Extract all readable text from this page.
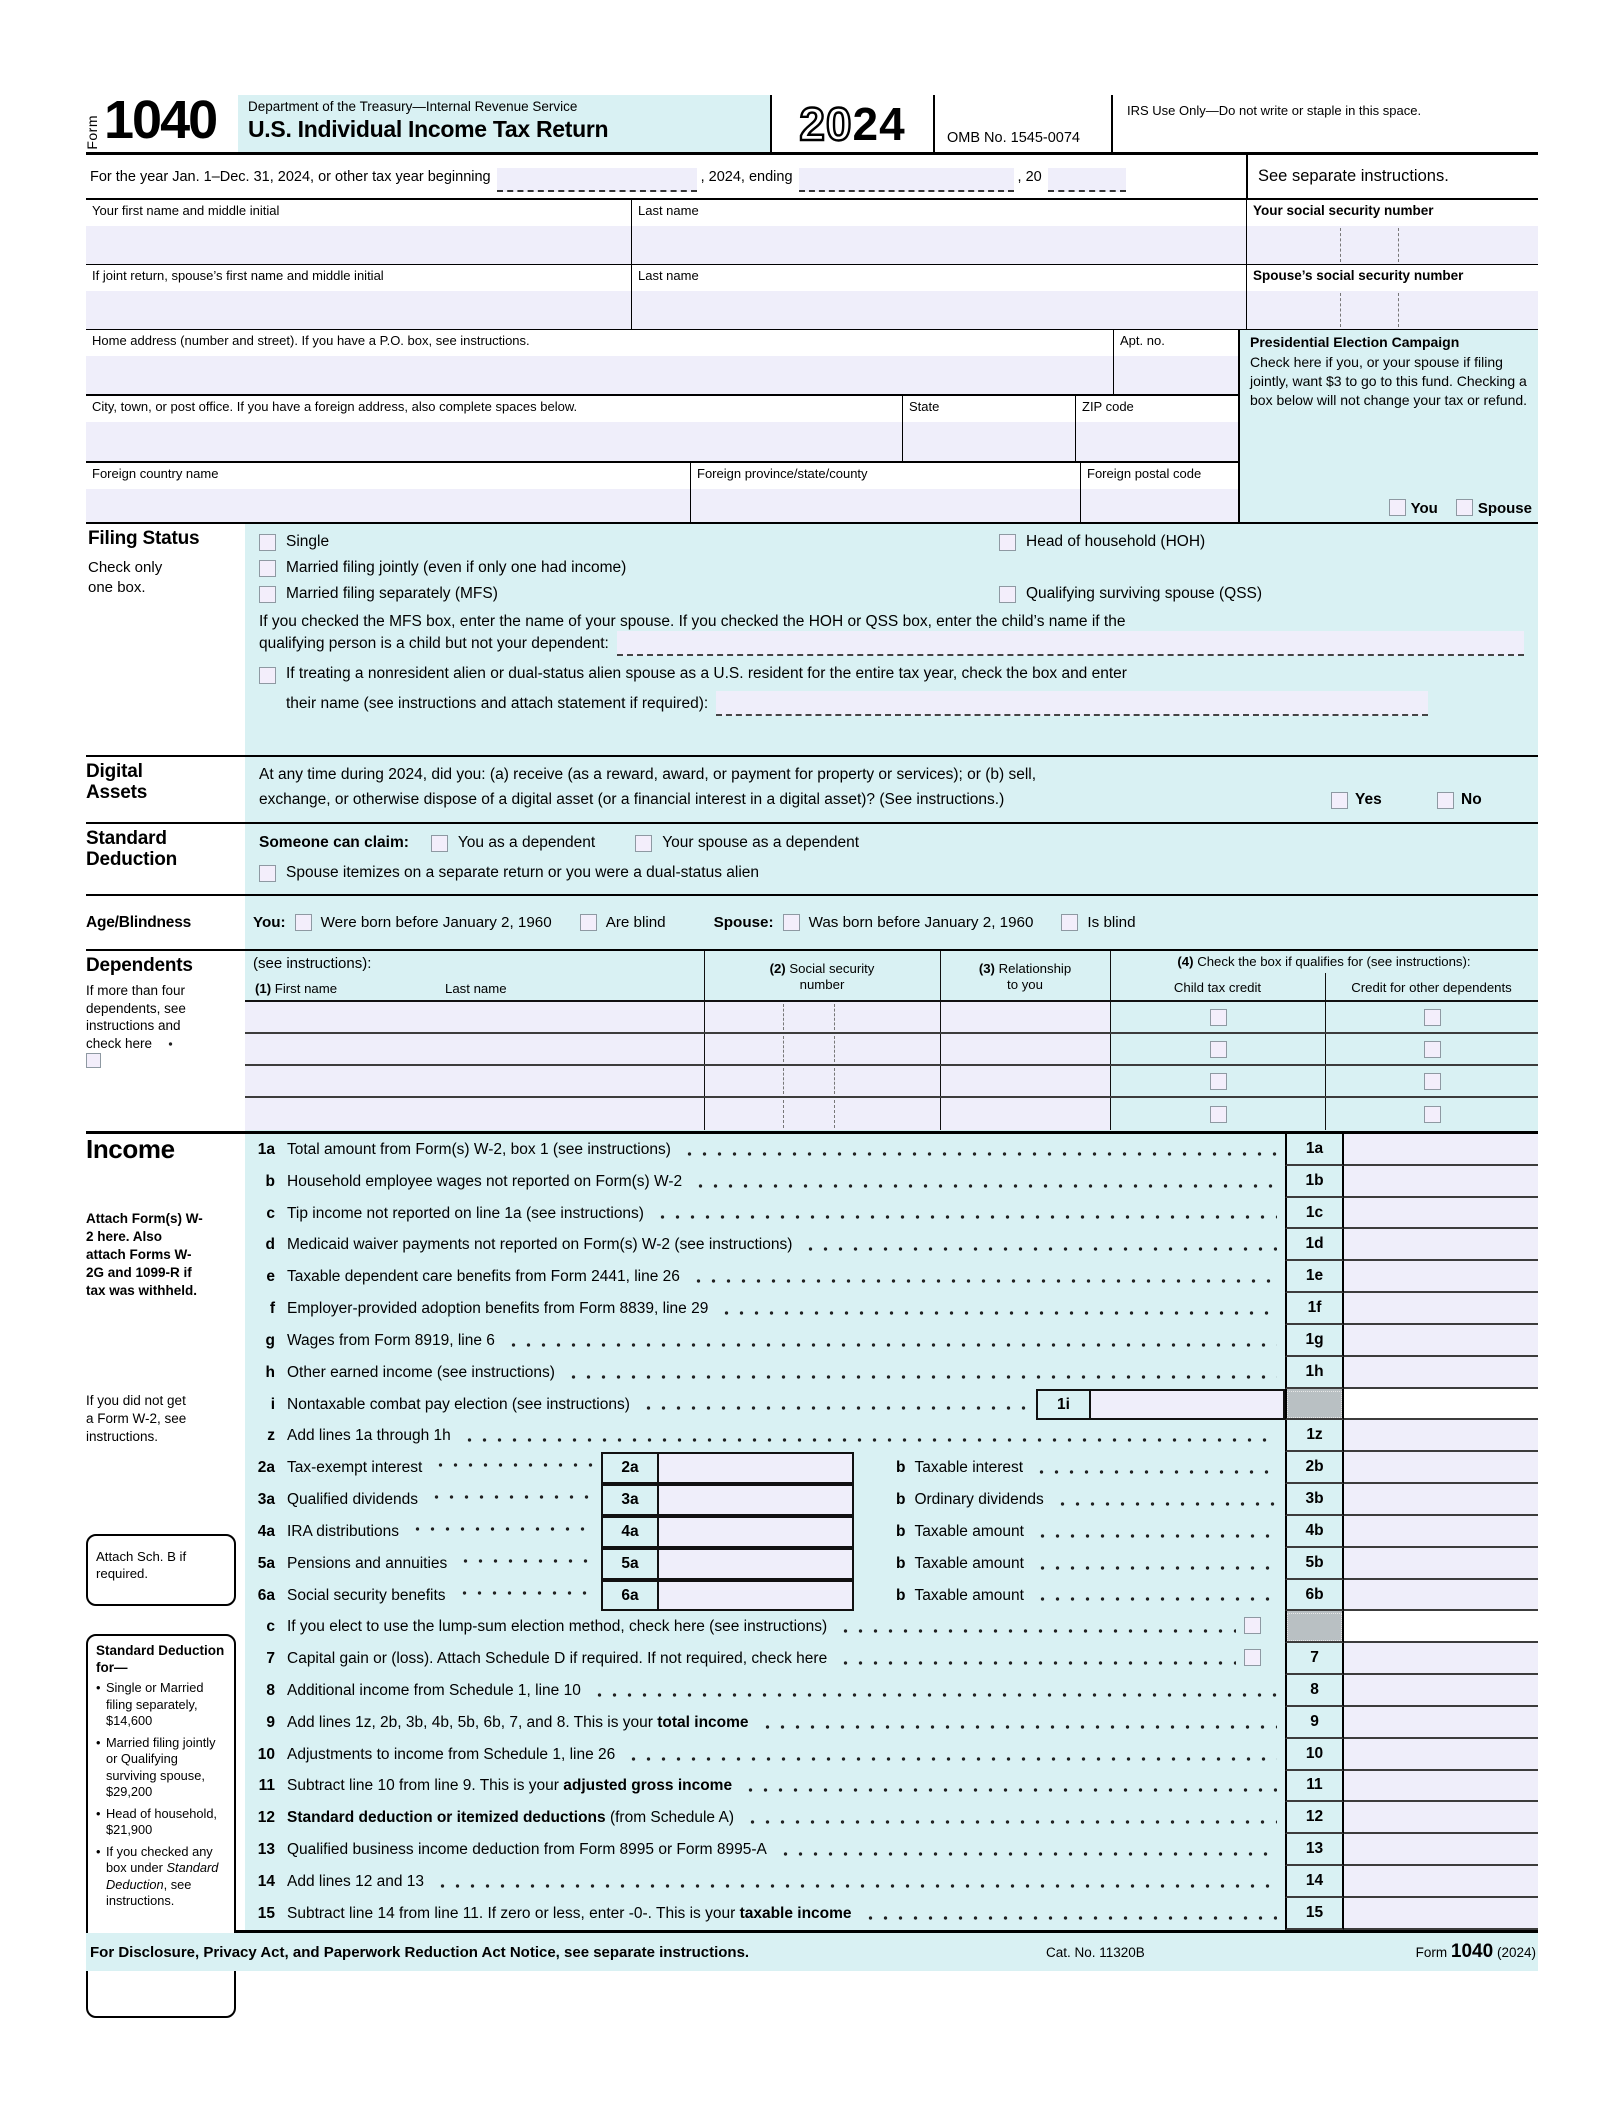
Form 1040 Department of the Treasury—Internal Revenue Service
U.S. Individual Income Tax Return	20 24	OMB No. 1545-0074
IRS Use Only—Do not write or staple in this space.
For the year Jan. 1–Dec. 31, 2024, or other tax year beginning	, 2024, ending	, 20	See separate instructions.
Your first name and middle initial	Last name	Your social security number
If joint return, spouse’s first name and middle initial	Last name	Spouse’s social security number
Home address (number and street). If you have a P.O. box, see instructions.	Apt. no.
City, town, or post office. If you have a foreign address, also complete spaces below.	State	ZIP code
Foreign country name	Foreign province/state/county	Foreign postal code
Presidential Election Campaign
Check here if you, or your spouse if filing jointly, want $3 to go to this fund. Checking a box below will not change your tax or refund.
You	Spouse
Filing Status
Check only one box.
Single	Head of household (HOH)
Married filing jointly (even if only one had income)
Married filing separately (MFS)	Qualifying surviving spouse (QSS)
If you checked the MFS box, enter the name of your spouse. If you checked the HOH or QSS box, enter the child’s name if the
qualifying person is a child but not your dependent:
If treating a nonresident alien or dual-status alien spouse as a U.S. resident for the entire tax year, check the box and enter
their name (see instructions and attach statement if required):
Digital Assets
At any time during 2024, did you: (a) receive (as a reward, award, or payment for property or services); or (b) sell,
exchange, or otherwise dispose of a digital asset (or a financial interest in a digital asset)? (See instructions.)	Yes	No
Standard Deduction
Someone can claim:	You as a dependent	Your spouse as a dependent
Spouse itemizes on a separate return or you were a dual-status alien
Age/Blindness	You: Were born before January 2, 1960	Are blind	Spouse: Was born before January 2, 1960	Is blind
Dependents
If more than four dependents, see instructions and check here
(see instructions):
(1) First name	Last name
(2) Social security
number
(3) Relationship
to you
(4) Check the box if qualifies for (see instructions):
Child tax credit	Credit for other dependents
Income
Attach Form(s) W-2 here. Also attach Forms W-2G and 1099-R if tax was withheld.
If you did not get a Form W-2, see instructions.
Attach Sch. B if required.
Standard Deduction for—
• Single or Married filing separately, $14,600
• Married filing jointly or Qualifying surviving spouse, $29,200
• Head of household, $21,900
• If you checked any box under Standard Deduction, see instructions.
1a Total amount from Form(s) W-2, box 1 (see instructions)	1a
b Household employee wages not reported on Form(s) W-2	1b
c Tip income not reported on line 1a (see instructions)	1c
d Medicaid waiver payments not reported on Form(s) W-2 (see instructions)	1d
e Taxable dependent care benefits from Form 2441, line 26	1e
f Employer-provided adoption benefits from Form 8839, line 29	1f
g Wages from Form 8919, line 6	1g
h Other earned income (see instructions)	1h
i Nontaxable combat pay election (see instructions)	1i
z Add lines 1a through 1h	1z
2a Tax-exempt interest	2a	b Taxable interest	2b
3a Qualified dividends	3a	b Ordinary dividends	3b
4a IRA distributions	4a	b Taxable amount	4b
5a Pensions and annuities	5a	b Taxable amount	5b
6a Social security benefits	6a	b Taxable amount	6b
c If you elect to use the lump-sum election method, check here (see instructions)
7 Capital gain or (loss). Attach Schedule D if required. If not required, check here	7
8 Additional income from Schedule 1, line 10	8
9 Add lines 1z, 2b, 3b, 4b, 5b, 6b, 7, and 8. This is your total income	9
10 Adjustments to income from Schedule 1, line 26	10
11 Subtract line 10 from line 9. This is your adjusted gross income	11
12 Standard deduction or itemized deductions (from Schedule A)	12
13 Qualified business income deduction from Form 8995 or Form 8995-A	13
14 Add lines 12 and 13	14
15 Subtract line 14 from line 11. If zero or less, enter -0-. This is your taxable income	15
For Disclosure, Privacy Act, and Paperwork Reduction Act Notice, see separate instructions.	Cat. No. 11320B	Form 1040 (2024)
